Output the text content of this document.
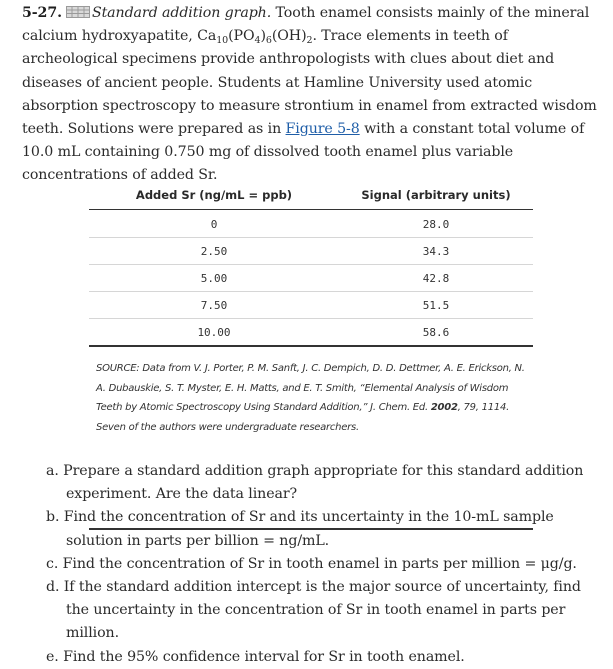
5-27. Standard addition graph. Tooth enamel consists mainly of the mineral calcium hydroxyapatite, $Ca_{10}(PO_4)_6(OH)_2$. Trace elements in teeth of archeological specimens provide anthropologists with clues about diet and diseases of ancient people. Students at Hamline University used atomic absorption spectroscopy to measure strontium in enamel from extracted wisdom teeth. Solutions were prepared as in Figure 5-8 with a constant total volume of 10.0 mL containing 0.750 mg of dissolved tooth enamel plus variable concentrations of added Sr.
Added Sr (ng/mL = ppb)	Signal (arbitrary units)
0	28.0
2.50	34.3
5.00	42.8
7.50	51.5
10.00	58.6
SOURCE: Data from V. J. Porter, P. M. Sanft, J. C. Dempich, D. D. Dettmer, A. E. Erickson, N. A. Dubauskie, S. T. Myster, E. H. Matts, and E. T. Smith, “Elemental Analysis of Wisdom Teeth by Atomic Spectroscopy Using Standard Addition,” J. Chem. Ed. 2002, 79, 1114. Seven of the authors were undergraduate researchers.

a. Prepare a standard addition graph appropriate for this standard addition experiment. Are the data linear?

b. Find the concentration of Sr and its uncertainty in the 10-mL sample solution in parts per billion = ng/mL.

c. Find the concentration of Sr in tooth enamel in parts per million = μg/g.

d. If the standard addition intercept is the major source of uncertainty, find the uncertainty in the concentration of Sr in tooth enamel in parts per million.

e. Find the 95% confidence interval for Sr in tooth enamel.
